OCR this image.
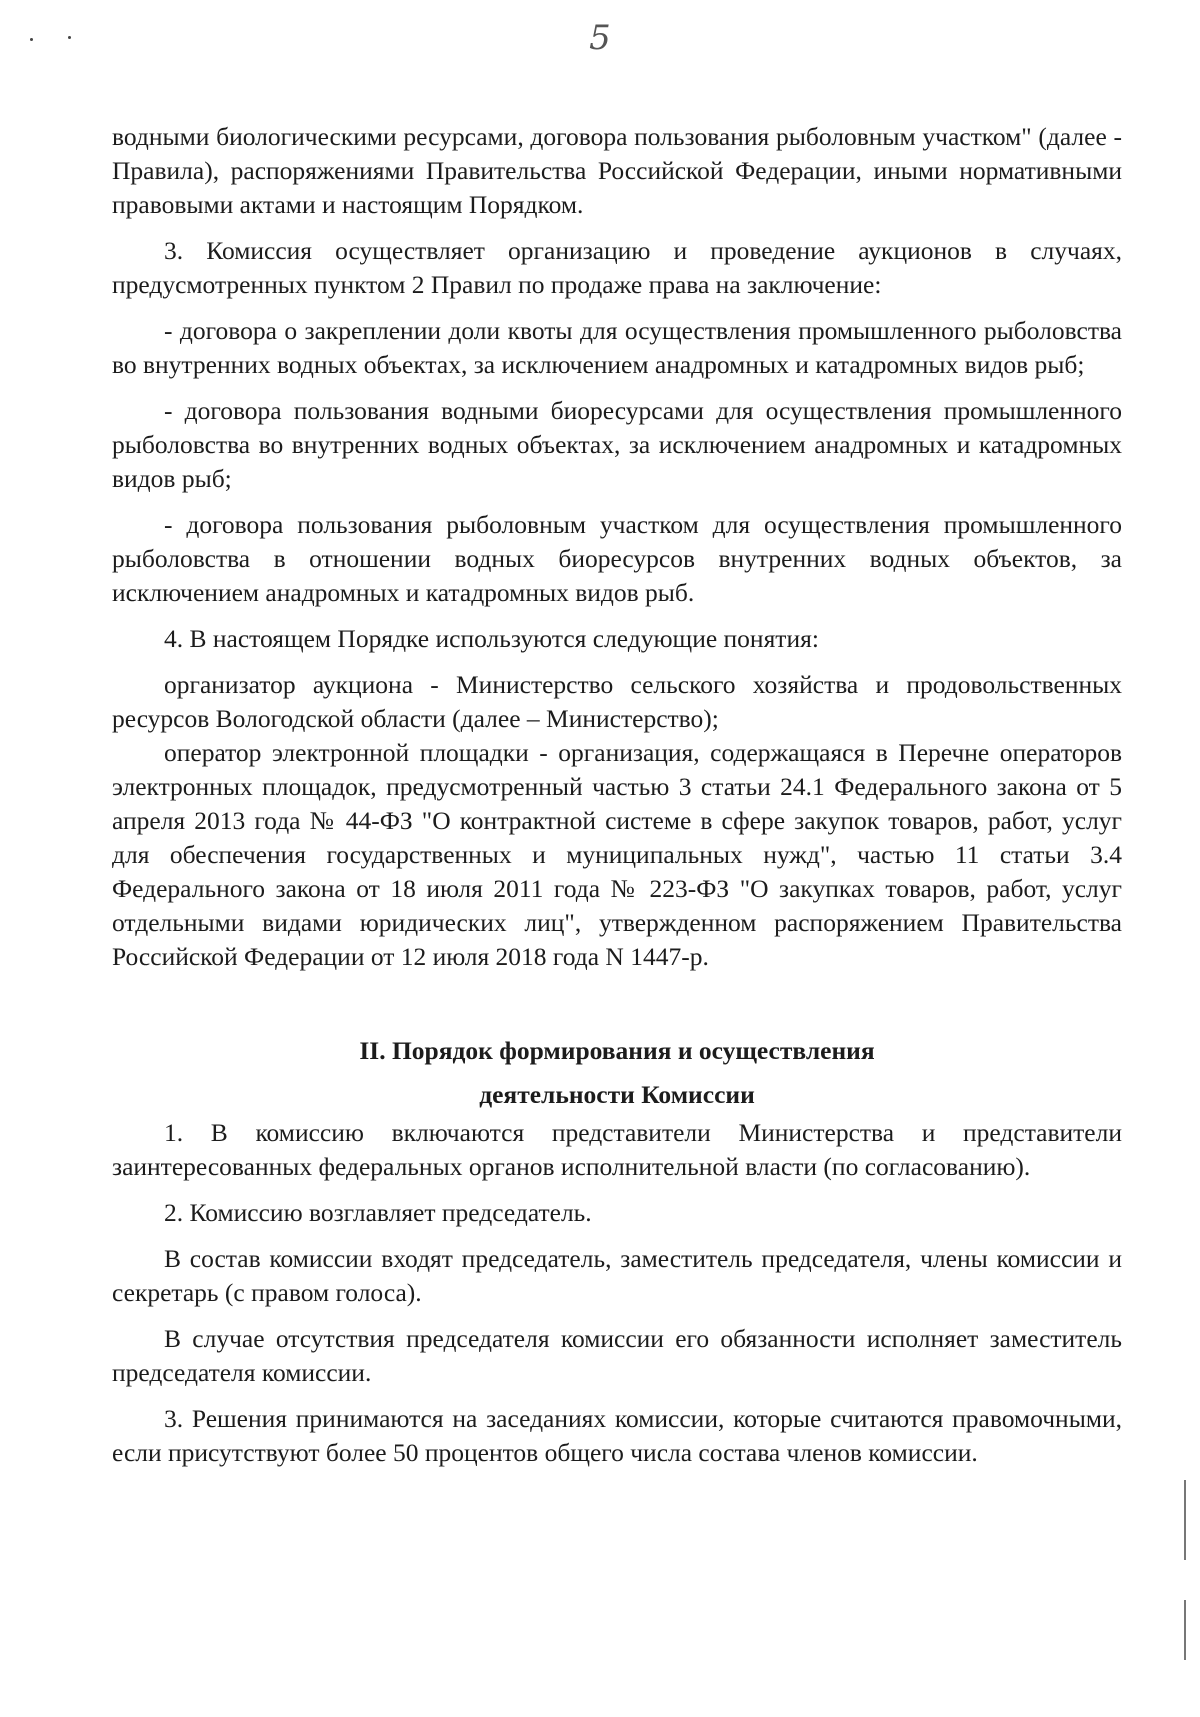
5

водными биологическими ресурсами, договора пользования рыболовным участком" (далее - Правила), распоряжениями Правительства Российской Федерации, иными нормативными правовыми актами и настоящим Порядком.

3. Комиссия осуществляет организацию и проведение аукционов в случаях, предусмотренных пунктом 2 Правил по продаже права на заключение:

- договора о закреплении доли квоты для осуществления промышленного рыболовства во внутренних водных объектах, за исключением анадромных и катадромных видов рыб;

- договора пользования водными биоресурсами для осуществления промышленного рыболовства во внутренних водных объектах, за исключением анадромных и катадромных видов рыб;

- договора пользования рыболовным участком для осуществления промышленного рыболовства в отношении водных биоресурсов внутренних водных объектов, за исключением анадромных и катадромных видов рыб.

4. В настоящем Порядке используются следующие понятия:

организатор аукциона - Министерство сельского хозяйства и продовольственных ресурсов Вологодской области (далее – Министерство);

оператор электронной площадки - организация, содержащаяся в Перечне операторов электронных площадок, предусмотренный частью 3 статьи 24.1 Федерального закона от 5 апреля 2013 года № 44-ФЗ "О контрактной системе в сфере закупок товаров, работ, услуг для обеспечения государственных и муниципальных нужд", частью 11 статьи 3.4 Федерального закона от 18 июля 2011 года № 223-ФЗ "О закупках товаров, работ, услуг отдельными видами юридических лиц", утвержденном распоряжением Правительства Российской Федерации от 12 июля 2018 года N 1447-р.

II. Порядок формирования и осуществления

деятельности Комиссии

1. В комиссию включаются представители Министерства и представители заинтересованных федеральных органов исполнительной власти (по согласованию).

2. Комиссию возглавляет председатель.

В состав комиссии входят председатель, заместитель председателя, члены комиссии и секретарь (с правом голоса).

В случае отсутствия председателя комиссии его обязанности исполняет заместитель председателя комиссии.

3. Решения принимаются на заседаниях комиссии, которые считаются правомочными, если присутствуют более 50 процентов общего числа состава членов комиссии.
